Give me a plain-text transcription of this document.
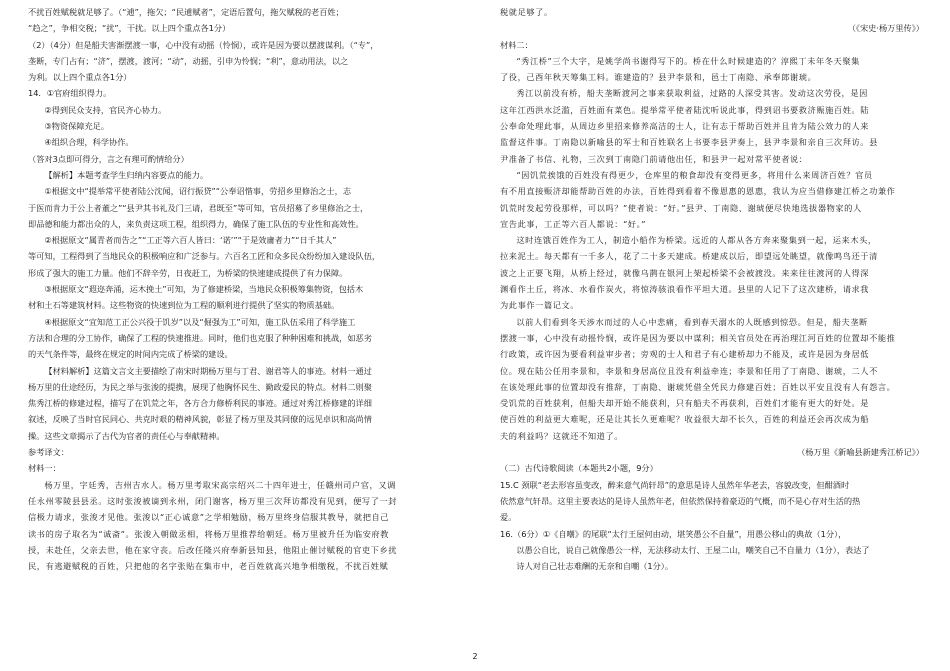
不扰百姓赋税就足够了。（“逋”，拖欠；“民逋赋者”，定语后置句，拖欠赋税的老百姓；

“趋之”，争相交税；“扰”，干扰。以上四个重点各1分）

（2）（4分）但是船夫害渐摆渡一事，心中没有动摇（怜悯），或许是因为要以摆渡谋利。（“专”，

垄断，专门占有；“济”，摆渡，渡河；“动”，动摇，引申为怜悯；“利”，意动用法，以之

为利。以上四个重点各1分）

14．①官府组织得力。

②得到民众支持，官民齐心协力。

③物资保障充足。

④组织合理，科学协作。

（答对3点即可得分，言之有理可酌情给分）

【解析】本题考查学生归纳内容要点的能力。

①根据文中“提举常平使者陆公沈闻，诏行振贷”“公奉诏惜事，劳招乡里修治之士，志

于医而肯力于公上者董之”“县尹其书礼及门三请，君既至”等可知，官员招募了乡里修治之士，

即品德和能力都出众的人，来负责这项工程，组织得力，确保了施工队伍的专业性和高效性。

②根据原文“属青者而告之”“工正等六百人皆曰：‘诺’”“于是效庸者力”“日千其人”

等可知，工程得到了当地民众的积极响应和广泛参与。六百名工匠和众多民众纷纷加入建设队伍，

形成了强大的施工力量。他们不辞辛劳，日夜赶工，为桥梁的快速建成提供了有力保障。

③根据原文“遐迩奔涌，运木挽土”可知，为了修建桥梁，当地民众积极筹集物资，包括木

材和土石等建筑材料。这些物资的快速到位为工程的顺利进行提供了坚实的物质基础。

④根据原文“宜知范工正公兴役于饥岁”以及“倔强为工”可知，施工队伍采用了科学施工

方法和合理的分工协作，确保了工程的快速推进。同时，他们也克服了种种困难和挑战，如恶劣

的天气条件等，最终在规定的时间内完成了桥梁的建设。

【材料解析】这篇文言文主要描绘了南宋时期杨万里与丁君、谢君等人的事迹。材料一通过

杨万里的仕途经历，为民之举与张浚的提携，展现了他胸怀民生、勤政爱民的特点。材料二则聚

焦秀江桥的修建过程，描写了在饥荒之年，各方合力修桥利民的事迹。通过对秀江桥修建的详细

叙述，反映了当时官民同心、共克时艰的精神风貌，彰显了杨万里及其同僚的远见卓识和高尚情

操。这些文章揭示了古代为官者的责任心与奉献精神。

参考译文：

材料一：

杨万里，字廷秀，吉州吉水人。杨万里考取宋高宗绍兴二十四年进士，任赣州司户官，又调

任永州零陵县县丞。这时张浚被谪到永州，闭门谢客，杨万里三次拜访都没有见到，便写了一封

信极力请求，张浚才见他。张浚以“正心诚意”之学相勉励，杨万里终身信服其教导，就把自己

读书的房子取名为“诚斋”。张浚入朝做丞相，将杨万里推荐给朝廷。杨万里被升任为临安府教

授，未赴任，父亲去世，他在家守丧。后改任隆兴府奉新县知县，他阻止催讨赋税的官吏下乡扰

民，有逃避赋税的百姓，只把他的名字张贴在集市中，老百姓就高兴地争相缴税，不扰百姓赋

税就足够了。

（《宋史·杨万里传》）

材料二：

“秀江桥”三个大字，是姚学尚书谢得写下的。桥在什么时候建造的？淳熙丁未年冬天聚集

了役，己酉年秋天筹集工料。谁建造的？县尹李景和，邑士丁南隐、承奉郎谢琥。

秀江以前没有桥，船夫垄断渡河之事来获取利益，过路的人深受其害。发动这次劳役，是因

这年江西洪水泛滥，百姓面有菜色。提举常平使者陆沈听说此事，得到诏书要救济赈施百姓。陆

公奉命处理此事，从周边乡里招来修养高洁的士人，让有志于帮助百姓并且肯为陆公效力的人来

监督这件事。丁南隐以新喻县的军士和百姓联名上书要李县尹奏上，县尹李景和亲自三次拜访。县

尹准备了书信、礼物，三次到丁南隐门前请他出任，和县尹一起对常平使者说：

“因饥荒挨饿的百姓没有得更少，仓库里的粮食却没有变得更多，将用什么来周济百姓？官员

有不用直接赈济却能帮助百姓的办法，百姓得到看着不像恩惠的恩惠，我认为应当借修建江桥之功兼作

饥荒时发起劳役那样，可以吗？”使者说：“好。”县尹、丁南隐、谢琥便尽快地选拔器物家的人

宣告此事，工正等六百人都说：“好。”

这时连饿百姓作为工人，制造小船作为桥梁。远近的人都从各方奔来聚集到一起，运来木头，

拉来泥土。每天都有一千多人，花了二十多天建成。桥建成以后，即望远处眺望，就像鸣鸟还于清

波之上正要飞翔，从桥上经过，就像乌鹊在银河上架起桥梁不会被渡没。来来往往渡河的人得深

渊看作土丘，将冰、水看作炭火，将惊涛骇浪看作平坦大道。县里的人记下了这次建桥，请求我

为此事作一篇记文。

以前人们看到冬天涉水而过的人心中悲痛，看到春天溺水的人既感到惊恐。但是，船夫垄断

摆渡一事，心中没有动摇怜悯，或许是因为要以中谋利；相关官员处在再治理江河百姓的位置却不能推

行政策，或许因为要看利益审步者；旁观的士人和君子有心建桥却力不能及，或许是因为身居低

位。现在陆公任用李景和，李景和身居高位且没有利益牵连；李景和任用了丁南隐、谢琥，二人不

在该处理此事的位置却没有推辞，丁南隐、谢琥凭借全凭民力修建百姓；百姓以平安且没有人有怨言。

受饥荒的百姓获利，但船夫却开始不能获利，只有船夫不再获利，百姓们才能有更大的好处。是

使百姓的利益更大难呢，还是让其长久更难呢？收益很大却不长久，百姓的利益还会再次成为船

夫的利益吗？这就还不知道了。

（杨万里《新喻县新建秀江桥记》）

（二）古代诗歌阅读（本题共2小题，9分）

15.C 颈联“老去形容虽变改，醉来意气尚轩昂”的意思是诗人虽然年华老去，容貌改变，但酣酒时

依然意气轩昂。这里主要表达的是诗人虽然年老，但依然保持着豪迈的气概，而不是心存对生活的热

爱。

16.（6分）①《自嘲》的尾联“太行王屋何由动，堪笑愚公不自量”，用愚公移山的典故（1分），

以愚公自比，说自己就像愚公一样，无法移动太行、王屋二山，嘲笑自己不自量力（1分），表达了

诗人对自己壮志难酬的无奈和自嘲（1分）。

2
